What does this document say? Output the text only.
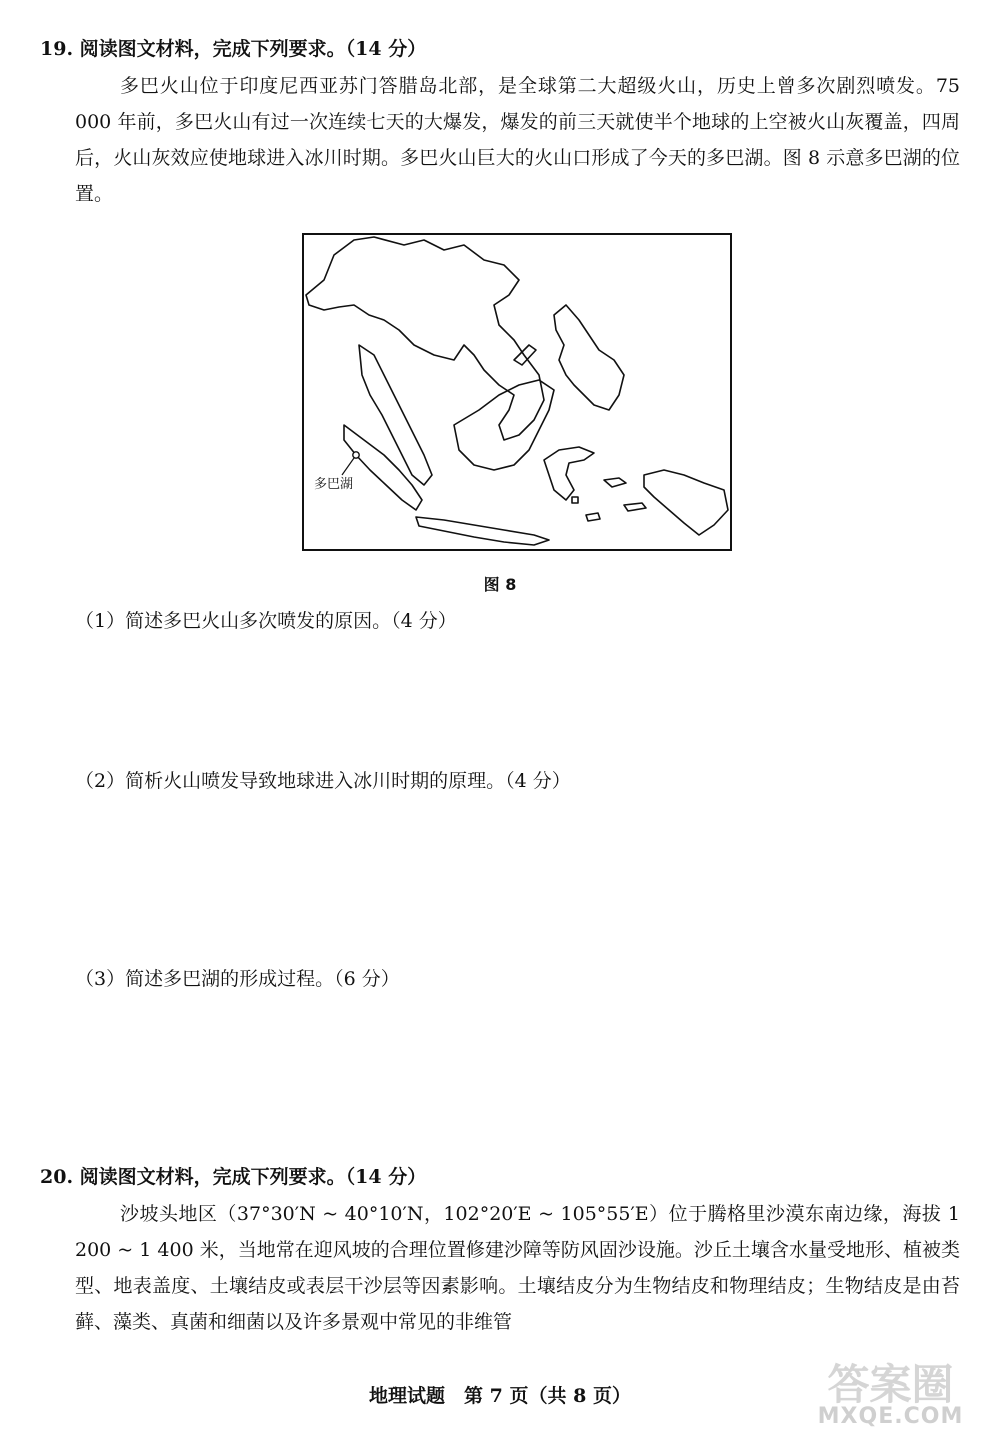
19. 阅读图文材料，完成下列要求。（14 分）
多巴火山位于印度尼西亚苏门答腊岛北部，是全球第二大超级火山，历史上曾多次剧烈喷发。75 000 年前，多巴火山有过一次连续七天的大爆发，爆发的前三天就使半个地球的上空被火山灰覆盖，四周后，火山灰效应使地球进入冰川时期。多巴火山巨大的火山口形成了今天的多巴湖。图 8 示意多巴湖的位置。
多巴湖
图 8
（1）简述多巴火山多次喷发的原因。（4 分）
（2）简析火山喷发导致地球进入冰川时期的原理。（4 分）
（3）简述多巴湖的形成过程。（6 分）
20. 阅读图文材料，完成下列要求。（14 分）
沙坡头地区（37°30′N ~ 40°10′N，102°20′E ~ 105°55′E）位于腾格里沙漠东南边缘，海拔 1 200 ~ 1 400 米，当地常在迎风坡的合理位置修建沙障等防风固沙设施。沙丘土壤含水量受地形、植被类型、地表盖度、土壤结皮或表层干沙层等因素影响。土壤结皮分为生物结皮和物理结皮；生物结皮是由苔藓、藻类、真菌和细菌以及许多景观中常见的非维管
地理试题　第 7 页（共 8 页）	答案圈
MXQE.COM
